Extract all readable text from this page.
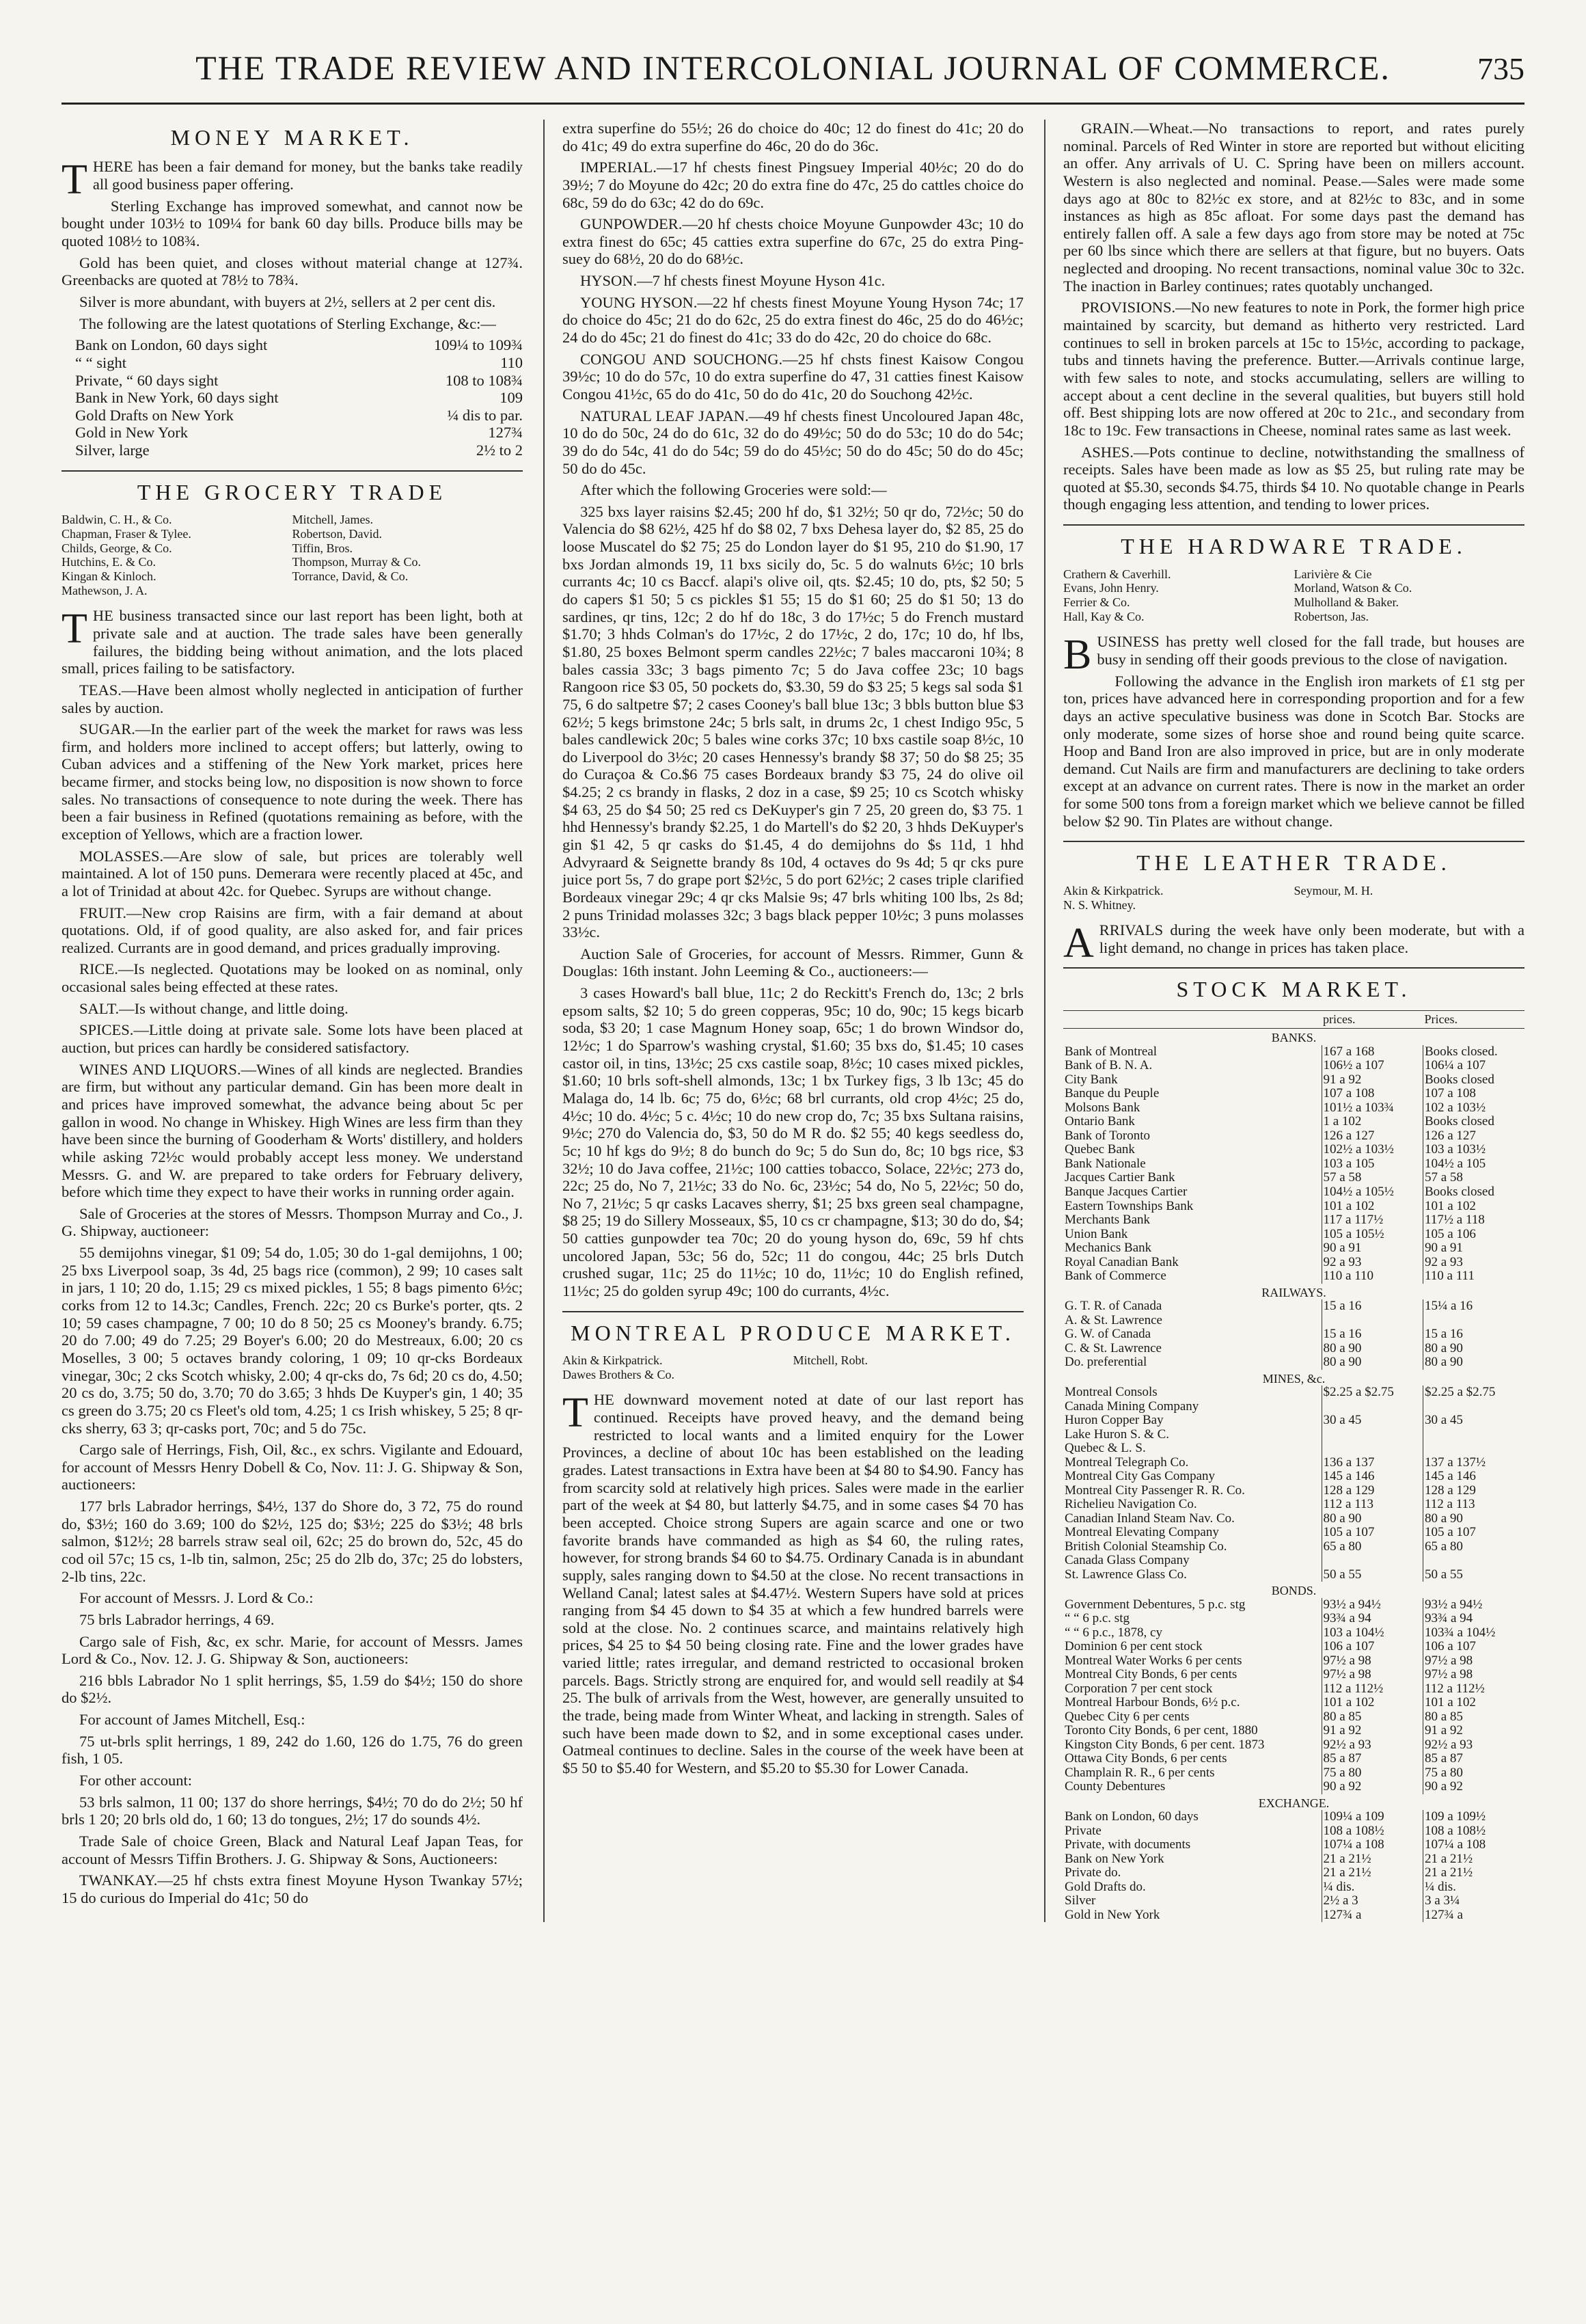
THE TRADE REVIEW AND INTERCOLONIAL JOURNAL OF COMMERCE.	735
MONEY MARKET.

THERE has been a fair demand for money, but the banks take readily all good business paper offering.

Sterling Exchange has improved somewhat, and cannot now be bought under 103½ to 109¼ for bank 60 day bills. Produce bills may be quoted 108½ to 108¾.

Gold has been quiet, and closes without material change at 127¾. Greenbacks are quoted at 78½ to 78¾.

Silver is more abundant, with buyers at 2½, sellers at 2 per cent dis.

The following are the latest quotations of Sterling Exchange, &c:—

Bank on London, 60 days sight	109¼ to 109¾
“ “ sight	110
Private, “ 60 days sight	108 to 108¾
Bank in New York, 60 days sight	109
Gold Drafts on New York	¼ dis to par.
Gold in New York	127¾
Silver, large	2½ to 2
THE GROCERY TRADE
Baldwin, C. H., & Co.	Mitchell, James.
Chapman, Fraser & Tylee.	Robertson, David.
Childs, George, & Co.	Tiffin, Bros.
Hutchins, E. & Co.	Thompson, Murray & Co.
Kingan & Kinloch.	Torrance, David, & Co.
Mathewson, J. A.

THE business transacted since our last report has been light, both at private sale and at auction. The trade sales have been generally failures, the bidding being without animation, and the lots placed small, prices failing to be satisfactory.

TEAS.—Have been almost wholly neglected in anticipation of further sales by auction.

SUGAR.—In the earlier part of the week the market for raws was less firm, and holders more inclined to accept offers; but latterly, owing to Cuban advices and a stiffening of the New York market, prices here became firmer, and stocks being low, no disposition is now shown to force sales. No transactions of consequence to note during the week. There has been a fair business in Refined (quotations remaining as before, with the exception of Yellows, which are a fraction lower.

MOLASSES.—Are slow of sale, but prices are tolerably well maintained. A lot of 150 puns. Demerara were recently placed at 45c, and a lot of Trinidad at about 42c. for Quebec. Syrups are without change.

FRUIT.—New crop Raisins are firm, with a fair demand at about quotations. Old, if of good quality, are also asked for, and fair prices realized. Currants are in good demand, and prices gradually improving.

RICE.—Is neglected. Quotations may be looked on as nominal, only occasional sales being effected at these rates.

SALT.—Is without change, and little doing.

SPICES.—Little doing at private sale. Some lots have been placed at auction, but prices can hardly be considered satisfactory.

WINES AND LIQUORS.—Wines of all kinds are neglected. Brandies are firm, but without any particular demand. Gin has been more dealt in and prices have improved somewhat, the advance being about 5c per gallon in wood. No change in Whiskey. High Wines are less firm than they have been since the burning of Gooderham & Worts' distillery, and holders while asking 72½c would probably accept less money. We understand Messrs. G. and W. are prepared to take orders for February delivery, before which time they expect to have their works in running order again.

Sale of Groceries at the stores of Messrs. Thompson Murray and Co., J. G. Shipway, auctioneer:

55 demijohns vinegar, $1 09; 54 do, 1.05; 30 do 1-gal demijohns, 1 00; 25 bxs Liverpool soap, 3s 4d, 25 bags rice (common), 2 99; 10 cases salt in jars, 1 10; 20 do, 1.15; 29 cs mixed pickles, 1 55; 8 bags pimento 6½c; corks from 12 to 14.3c; Candles, French. 22c; 20 cs Burke's porter, qts. 2 10; 59 cases champagne, 7 00; 10 do 8 50; 25 cs Mooney's brandy. 6.75; 20 do 7.00; 49 do 7.25; 29 Boyer's 6.00; 20 do Mestreaux, 6.00; 20 cs Moselles, 3 00; 5 octaves brandy coloring, 1 09; 10 qr-cks Bordeaux vinegar, 30c; 2 cks Scotch whisky, 2.00; 4 qr-cks do, 7s 6d; 20 cs do, 4.50; 20 cs do, 3.75; 50 do, 3.70; 70 do 3.65; 3 hhds De Kuyper's gin, 1 40; 35 cs green do 3.75; 20 cs Fleet's old tom, 4.25; 1 cs Irish whiskey, 5 25; 8 qr-cks sherry, 63 3; qr-casks port, 70c; and 5 do 75c.

Cargo sale of Herrings, Fish, Oil, &c., ex schrs. Vigilante and Edouard, for account of Messrs Henry Dobell & Co, Nov. 11: J. G. Shipway & Son, auctioneers:

177 brls Labrador herrings, $4½, 137 do Shore do, 3 72, 75 do round do, $3½; 160 do 3.69; 100 do $2½, 125 do; $3½; 225 do $3½; 48 brls salmon, $12½; 28 barrels straw seal oil, 62c; 25 do brown do, 52c, 45 do cod oil 57c; 15 cs, 1-lb tin, salmon, 25c; 25 do 2lb do, 37c; 25 do lobsters, 2-lb tins, 22c.

For account of Messrs. J. Lord & Co.:

75 brls Labrador herrings, 4 69.

Cargo sale of Fish, &c, ex schr. Marie, for account of Messrs. James Lord & Co., Nov. 12. J. G. Shipway & Son, auctioneers:

216 bbls Labrador No 1 split herrings, $5, 1.59 do $4½; 150 do shore do $2½.

For account of James Mitchell, Esq.:

75 ut-brls split herrings, 1 89, 242 do 1.60, 126 do 1.75, 76 do green fish, 1 05.

For other account:

53 brls salmon, 11 00; 137 do shore herrings, $4½; 70 do do 2½; 50 hf brls 1 20; 20 brls old do, 1 60; 13 do tongues, 2½; 17 do sounds 4½.

Trade Sale of choice Green, Black and Natural Leaf Japan Teas, for account of Messrs Tiffin Brothers. J. G. Shipway & Sons, Auctioneers:

TWANKAY.—25 hf chsts extra finest Moyune Hyson Twankay 57½; 15 do curious do Imperial do 41c; 50 do

extra superfine do 55½; 26 do choice do 40c; 12 do finest do 41c; 20 do do 41c; 49 do extra superfine do 46c, 20 do do 36c.

IMPERIAL.—17 hf chests finest Pingsuey Imperial 40½c; 20 do do 39½; 7 do Moyune do 42c; 20 do extra fine do 47c, 25 do cattles choice do 68c, 59 do do 63c; 42 do do 69c.

GUNPOWDER.—20 hf chests choice Moyune Gunpowder 43c; 10 do extra finest do 65c; 45 catties extra superfine do 67c, 25 do extra Ping-suey do 68½, 20 do do 68½c.

HYSON.—7 hf chests finest Moyune Hyson 41c.

YOUNG HYSON.—22 hf chests finest Moyune Young Hyson 74c; 17 do choice do 45c; 21 do do 62c, 25 do extra finest do 46c, 25 do do 46½c; 24 do do 45c; 21 do finest do 41c; 33 do do 42c, 20 do choice do 68c.

CONGOU AND SOUCHONG.—25 hf chsts finest Kaisow Congou 39½c; 10 do do 57c, 10 do extra superfine do 47, 31 catties finest Kaisow Congou 41½c, 65 do do 41c, 50 do do 41c, 20 do Souchong 42½c.

NATURAL LEAF JAPAN.—49 hf chests finest Uncoloured Japan 48c, 10 do do 50c, 24 do do 61c, 32 do do 49½c; 50 do do 53c; 10 do do 54c; 39 do do 54c, 41 do do 54c; 59 do do 45½c; 50 do do 45c; 50 do do 45c; 50 do do 45c.

After which the following Groceries were sold:—

325 bxs layer raisins $2.45; 200 hf do, $1 32½; 50 qr do, 72½c; 50 do Valencia do $8 62½, 425 hf do $8 02, 7 bxs Dehesa layer do, $2 85, 25 do loose Muscatel do $2 75; 25 do London layer do $1 95, 210 do $1.90, 17 bxs Jordan almonds 19, 11 bxs sicily do, 5c. 5 do walnuts 6½c; 10 brls currants 4c; 10 cs Baccf. alapi's olive oil, qts. $2.45; 10 do, pts, $2 50; 5 do capers $1 50; 5 cs pickles $1 55; 15 do $1 60; 25 do $1 50; 13 do sardines, qr tins, 12c; 2 do hf do 18c, 3 do 17½c; 5 do French mustard $1.70; 3 hhds Colman's do 17½c, 2 do 17½c, 2 do, 17c; 10 do, hf lbs, $1.80, 25 boxes Belmont sperm candles 22½c; 7 bales maccaroni 10¾; 8 bales cassia 33c; 3 bags pimento 7c; 5 do Java coffee 23c; 10 bags Rangoon rice $3 05, 50 pockets do, $3.30, 59 do $3 25; 5 kegs sal soda $1 75, 6 do saltpetre $7; 2 cases Cooney's ball blue 13c; 3 bbls button blue $3 62½; 5 kegs brimstone 24c; 5 brls salt, in drums 2c, 1 chest Indigo 95c, 5 bales candlewick 20c; 5 bales wine corks 37c; 10 bxs castile soap 8½c, 10 do Liverpool do 3½c; 20 cases Hennessy's brandy $8 37; 50 do $8 25; 35 do Curaçoa & Co.$6 75 cases Bordeaux brandy $3 75, 24 do olive oil $4.25; 2 cs brandy in flasks, 2 doz in a case, $9 25; 10 cs Scotch whisky $4 63, 25 do $4 50; 25 red cs DeKuyper's gin 7 25, 20 green do, $3 75. 1 hhd Hennessy's brandy $2.25, 1 do Martell's do $2 20, 3 hhds DeKuyper's gin $1 42, 5 qr casks do $1.45, 4 do demijohns do $s 11d, 1 hhd Advyraard & Seignette brandy 8s 10d, 4 octaves do 9s 4d; 5 qr cks pure juice port 5s, 7 do grape port $2½c, 5 do port 62½c; 2 cases triple clarified Bordeaux vinegar 29c; 4 qr cks Malsie 9s; 47 brls whiting 100 lbs, 2s 8d; 2 puns Trinidad molasses 32c; 3 bags black pepper 10½c; 3 puns molasses 33½c.

Auction Sale of Groceries, for account of Messrs. Rimmer, Gunn & Douglas: 16th instant. John Leeming & Co., auctioneers:—

3 cases Howard's ball blue, 11c; 2 do Reckitt's French do, 13c; 2 brls epsom salts, $2 10; 5 do green copperas, 95c; 10 do, 90c; 15 kegs bicarb soda, $3 20; 1 case Magnum Honey soap, 65c; 1 do brown Windsor do, 12½c; 1 do Sparrow's washing crystal, $1.60; 35 bxs do, $1.45; 10 cases castor oil, in tins, 13½c; 25 cxs castile soap, 8½c; 10 cases mixed pickles, $1.60; 10 brls soft-shell almonds, 13c; 1 bx Turkey figs, 3 lb 13c; 45 do Malaga do, 14 lb. 6c; 75 do, 6½c; 68 brl currants, old crop 4½c; 25 do, 4½c; 10 do. 4½c; 5 c. 4½c; 10 do new crop do, 7c; 35 bxs Sultana raisins, 9½c; 270 do Valencia do, $3, 50 do M R do. $2 55; 40 kegs seedless do, 5c; 10 hf kgs do 9½; 8 do bunch do 9c; 5 do Sun do, 8c; 10 bgs rice, $3 32½; 10 do Java coffee, 21½c; 100 catties tobacco, Solace, 22½c; 273 do, 22c; 25 do, No 7, 21½c; 33 do No. 6c, 23½c; 54 do, No 5, 22½c; 50 do, No 7, 21½c; 5 qr casks Lacaves sherry, $1; 25 bxs green seal champagne, $8 25; 19 do Sillery Mosseaux, $5, 10 cs cr champagne, $13; 30 do do, $4; 50 catties gunpowder tea 70c; 20 do young hyson do, 69c, 59 hf chts uncolored Japan, 53c; 56 do, 52c; 11 do congou, 44c; 25 brls Dutch crushed sugar, 11c; 25 do 11½c; 10 do, 11½c; 10 do English refined, 11½c; 25 do golden syrup 49c; 100 do currants, 4½c.

MONTREAL PRODUCE MARKET.
Akin & Kirkpatrick.	Mitchell, Robt.
Dawes Brothers & Co.

THE downward movement noted at date of our last report has continued. Receipts have proved heavy, and the demand being restricted to local wants and a limited enquiry for the Lower Provinces, a decline of about 10c has been established on the leading grades. Latest transactions in Extra have been at $4 80 to $4.90. Fancy has from scarcity sold at relatively high prices. Sales were made in the earlier part of the week at $4 80, but latterly $4.75, and in some cases $4 70 has been accepted. Choice strong Supers are again scarce and one or two favorite brands have commanded as high as $4 60, the ruling rates, however, for strong brands $4 60 to $4.75. Ordinary Canada is in abundant supply, sales ranging down to $4.50 at the close. No recent transactions in Welland Canal; latest sales at $4.47½. Western Supers have sold at prices ranging from $4 45 down to $4 35 at which a few hundred barrels were sold at the close. No. 2 continues scarce, and maintains relatively high prices, $4 25 to $4 50 being closing rate. Fine and the lower grades have varied little; rates irregular, and demand restricted to occasional broken parcels. Bags. Strictly strong are enquired for, and would sell readily at $4 25. The bulk of arrivals from the West, however, are generally unsuited to the trade, being made from Winter Wheat, and lacking in strength. Sales of such have been made down to $2, and in some exceptional cases under. Oatmeal continues to decline. Sales in the course of the week have been at $5 50 to $5.40 for Western, and $5.20 to $5.30 for Lower Canada.

GRAIN.—Wheat.—No transactions to report, and rates purely nominal. Parcels of Red Winter in store are reported but without eliciting an offer. Any arrivals of U. C. Spring have been on millers account. Western is also neglected and nominal. Pease.—Sales were made some days ago at 80c to 82½c ex store, and at 82½c to 83c, and in some instances as high as 85c afloat. For some days past the demand has entirely fallen off. A sale a few days ago from store may be noted at 75c per 60 lbs since which there are sellers at that figure, but no buyers. Oats neglected and drooping. No recent transactions, nominal value 30c to 32c. The inaction in Barley continues; rates quotably unchanged.

PROVISIONS.—No new features to note in Pork, the former high price maintained by scarcity, but demand as hitherto very restricted. Lard continues to sell in broken parcels at 15c to 15½c, according to package, tubs and tinnets having the preference. Butter.—Arrivals continue large, with few sales to note, and stocks accumulating, sellers are willing to accept about a cent decline in the several qualities, but buyers still hold off. Best shipping lots are now offered at 20c to 21c., and secondary from 18c to 19c. Few transactions in Cheese, nominal rates same as last week.

ASHES.—Pots continue to decline, notwithstanding the smallness of receipts. Sales have been made as low as $5 25, but ruling rate may be quoted at $5.30, seconds $4.75, thirds $4 10. No quotable change in Pearls though engaging less attention, and tending to lower prices.

THE HARDWARE TRADE.
Crathern & Caverhill.	Larivière & Cie
Evans, John Henry.	Morland, Watson & Co.
Ferrier & Co.	Mulholland & Baker.
Hall, Kay & Co.	Robertson, Jas.

BUSINESS has pretty well closed for the fall trade, but houses are busy in sending off their goods previous to the close of navigation.

Following the advance in the English iron markets of £1 stg per ton, prices have advanced here in corresponding proportion and for a few days an active speculative business was done in Scotch Bar. Stocks are only moderate, some sizes of horse shoe and round being quite scarce. Hoop and Band Iron are also improved in price, but are in only moderate demand. Cut Nails are firm and manufacturers are declining to take orders except at an advance on current rates. There is now in the market an order for some 500 tons from a foreign market which we believe cannot be filled below $2 90. Tin Plates are without change.

THE LEATHER TRADE.
Akin & Kirkpatrick.	Seymour, M. H.
N. S. Whitney.

ARRIVALS during the week have only been moderate, but with a light demand, no change in prices has taken place.

STOCK MARKET.
	prices.	Prices.
BANKS.		
Bank of Montreal	167 a 168	Books closed.
Bank of B. N. A.	106½ a 107	106¼ a 107
City Bank	91 a 92	Books closed
Banque du Peuple	107 a 108	107 a 108
Molsons Bank	101½ a 103¾	102 a 103½
Ontario Bank	1 a 102	Books closed
Bank of Toronto	126 a 127	126 a 127
Quebec Bank	102½ a 103½	103 a 103½
Bank Nationale	103 a 105	104½ a 105
Jacques Cartier Bank	57 a 58	57 a 58
Banque Jacques Cartier	104½ a 105½	Books closed
Eastern Townships Bank	101 a 102	101 a 102
Merchants Bank	117 a 117½	117½ a 118
Union Bank	105 a 105½	105 a 106
Mechanics Bank	90 a 91	90 a 91
Royal Canadian Bank	92 a 93	92 a 93
Bank of Commerce	110 a 110	110 a 111
RAILWAYS.		
G. T. R. of Canada	15 a 16	15¼ a 16
A. & St. Lawrence		
G. W. of Canada	15 a 16	15 a 16
C. & St. Lawrence	80 a 90	80 a 90
Do. preferential	80 a 90	80 a 90
MINES, &c.		
Montreal Consols	$2.25 a $2.75	$2.25 a $2.75
Canada Mining Company		
Huron Copper Bay	30 a 45	30 a 45
Lake Huron S. & C.		
Quebec & L. S.		
Montreal Telegraph Co.	136 a 137	137 a 137½
Montreal City Gas Company	145 a 146	145 a 146
Montreal City Passenger R. R. Co.	128 a 129	128 a 129
Richelieu Navigation Co.	112 a 113	112 a 113
Canadian Inland Steam Nav. Co.	80 a 90	80 a 90
Montreal Elevating Company	105 a 107	105 a 107
British Colonial Steamship Co.	65 a 80	65 a 80
Canada Glass Company		
St. Lawrence Glass Co.	50 a 55	50 a 55
BONDS.		
Government Debentures, 5 p.c. stg	93½ a 94½	93½ a 94½
“ “ 6 p.c. stg	93¾ a 94	93¾ a 94
“ “ 6 p.c., 1878, cy	103 a 104½	103¾ a 104½
Dominion 6 per cent stock	106 a 107	106 a 107
Montreal Water Works 6 per cents	97½ a 98	97½ a 98
Montreal City Bonds, 6 per cents	97½ a 98	97½ a 98
Corporation 7 per cent stock	112 a 112½	112 a 112½
Montreal Harbour Bonds, 6½ p.c.	101 a 102	101 a 102
Quebec City 6 per cents	80 a 85	80 a 85
Toronto City Bonds, 6 per cent, 1880	91 a 92	91 a 92
Kingston City Bonds, 6 per cent. 1873	92½ a 93	92½ a 93
Ottawa City Bonds, 6 per cents	85 a 87	85 a 87
Champlain R. R., 6 per cents	75 a 80	75 a 80
County Debentures	90 a 92	90 a 92
EXCHANGE.		
Bank on London, 60 days	109¼ a 109	109 a 109½
Private	108 a 108½	108 a 108½
Private, with documents	107¼ a 108	107¼ a 108
Bank on New York	21 a 21½	21 a 21½
Private do.	21 a 21½	21 a 21½
Gold Drafts do.	¼ dis.	¼ dis.
Silver	2½ a 3	3 a 3¼
Gold in New York	127¾ a	127¾ a
